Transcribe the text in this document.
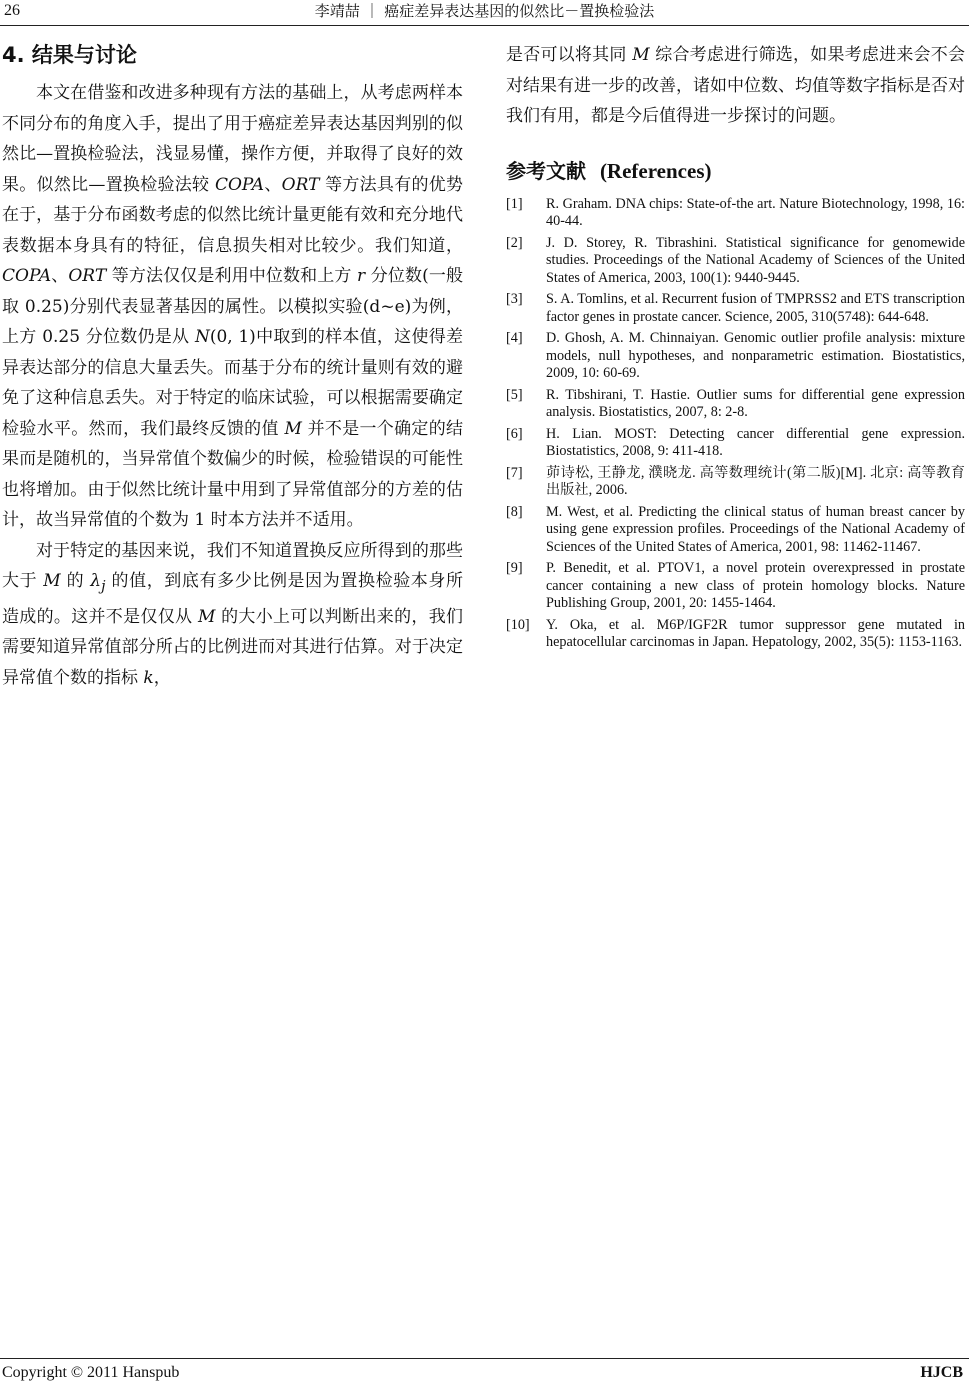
26	李靖喆 ｜ 癌症差异表达基因的似然比－置换检验法
4. 结果与讨论

本文在借鉴和改进多种现有方法的基础上，从考虑两样本不同分布的角度入手，提出了用于癌症差异表达基因判别的似然比—置换检验法，浅显易懂，操作方便，并取得了良好的效果。似然比—置换检验法较 COPA、ORT 等方法具有的优势在于，基于分布函数考虑的似然比统计量更能有效和充分地代表数据本身具有的特征，信息损失相对比较少。我们知道，COPA、ORT 等方法仅仅是利用中位数和上方 r 分位数(一般取 0.25)分别代表显著基因的属性。以模拟实验(d~e)为例，上方 0.25 分位数仍是从 N(0, 1)中取到的样本值，这使得差异表达部分的信息大量丢失。而基于分布的统计量则有效的避免了这种信息丢失。对于特定的临床试验，可以根据需要确定检验水平。然而，我们最终反馈的值 M 并不是一个确定的结果而是随机的，当异常值个数偏少的时候，检验错误的可能性也将增加。由于似然比统计量中用到了异常值部分的方差的估计，故当异常值的个数为 1 时本方法并不适用。

对于特定的基因来说，我们不知道置换反应所得到的那些大于 M 的 $\lambda_j$ 的值，到底有多少比例是因为置换检验本身所造成的。这并不是仅仅从 M 的大小上可以判断出来的，我们需要知道异常值部分所占的比例进而对其进行估算。对于决定异常值个数的指标 k，

是否可以将其同 M 综合考虑进行筛选，如果考虑进来会不会对结果有进一步的改善，诸如中位数、均值等数字指标是否对我们有用，都是今后值得进一步探讨的问题。

参考文献 (References)
[1]	R. Graham. DNA chips: State-of-the art. Nature Biotechnology, 1998, 16: 40-44.
[2]	J. D. Storey, R. Tibrashini. Statistical significance for genomewide studies. Proceedings of the National Academy of Sciences of the United States of America, 2003, 100(1): 9440-9445.
[3]	S. A. Tomlins, et al. Recurrent fusion of TMPRSS2 and ETS transcription factor genes in prostate cancer. Science, 2005, 310(5748): 644-648.
[4]	D. Ghosh, A. M. Chinnaiyan. Genomic outlier profile analysis: mixture models, null hypotheses, and nonparametric estimation. Biostatistics, 2009, 10: 60-69.
[5]	R. Tibshirani, T. Hastie. Outlier sums for differential gene expression analysis. Biostatistics, 2007, 8: 2-8.
[6]	H. Lian. MOST: Detecting cancer differential gene expression. Biostatistics, 2008, 9: 411-418.
[7]	茆诗松, 王静龙, 濮晓龙. 高等数理统计(第二版)[M]. 北京: 高等教育出版社, 2006.
[8]	M. West, et al. Predicting the clinical status of human breast cancer by using gene expression profiles. Proceedings of the National Academy of Sciences of the United States of America, 2001, 98: 11462-11467.
[9]	P. Benedit, et al. PTOV1, a novel protein overexpressed in prostate cancer containing a new class of protein homology blocks. Nature Publishing Group, 2001, 20: 1455-1464.
[10]	Y. Oka, et al. M6P/IGF2R tumor suppressor gene mutated in hepatocellular carcinomas in Japan. Hepatology, 2002, 35(5): 1153-1163.
Copyright © 2011 Hanspub	HJCB
